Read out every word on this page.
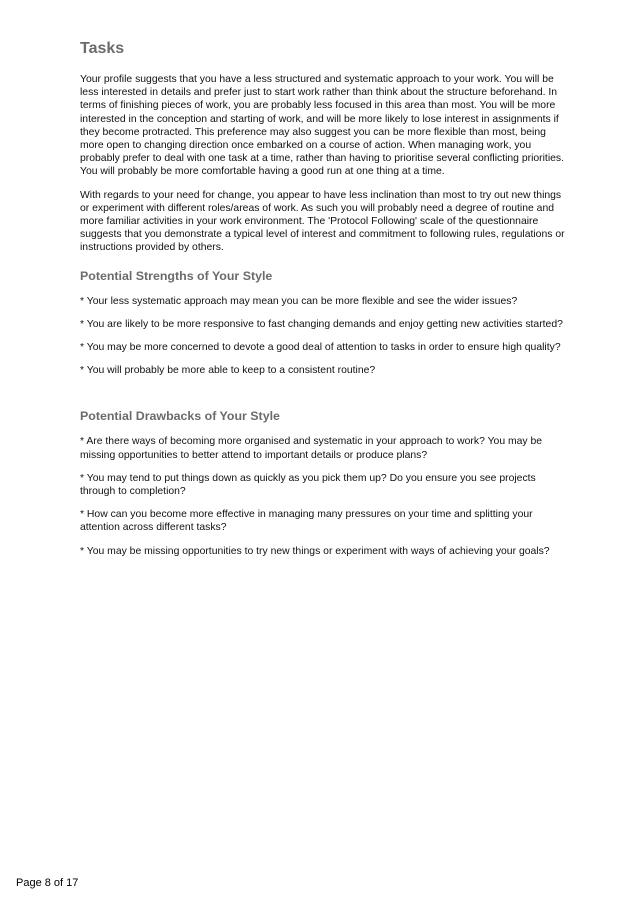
Tasks

Your profile suggests that you have a less structured and systematic approach to your work. You will be less interested in details and prefer just to start work rather than think about the structure beforehand. In terms of finishing pieces of work, you are probably less focused in this area than most. You will be more interested in the conception and starting of work, and will be more likely to lose interest in assignments if they become protracted. This preference may also suggest you can be more flexible than most, being more open to changing direction once embarked on a course of action. When managing work, you probably prefer to deal with one task at a time, rather than having to prioritise several conflicting priorities. You will probably be more comfortable having a good run at one thing at a time.

With regards to your need for change, you appear to have less inclination than most to try out new things or experiment with different roles/areas of work. As such you will probably need a degree of routine and more familiar activities in your work environment. The 'Protocol Following' scale of the questionnaire suggests that you demonstrate a typical level of interest and commitment to following rules, regulations or instructions provided by others.

Potential Strengths of Your Style

* Your less systematic approach may mean you can be more flexible and see the wider issues?

* You are likely to be more responsive to fast changing demands and enjoy getting new activities started?

* You may be more concerned to devote a good deal of attention to tasks in order to ensure high quality?

* You will probably be more able to keep to a consistent routine?

Potential Drawbacks of Your Style

* Are there ways of becoming more organised and systematic in your approach to work? You may be missing opportunities to better attend to important details or produce plans?

* You may tend to put things down as quickly as you pick them up? Do you ensure you see projects through to completion?

* How can you become more effective in managing many pressures on your time and splitting your attention across different tasks?

* You may be missing opportunities to try new things or experiment with ways of achieving your goals?

Page 8 of 17
